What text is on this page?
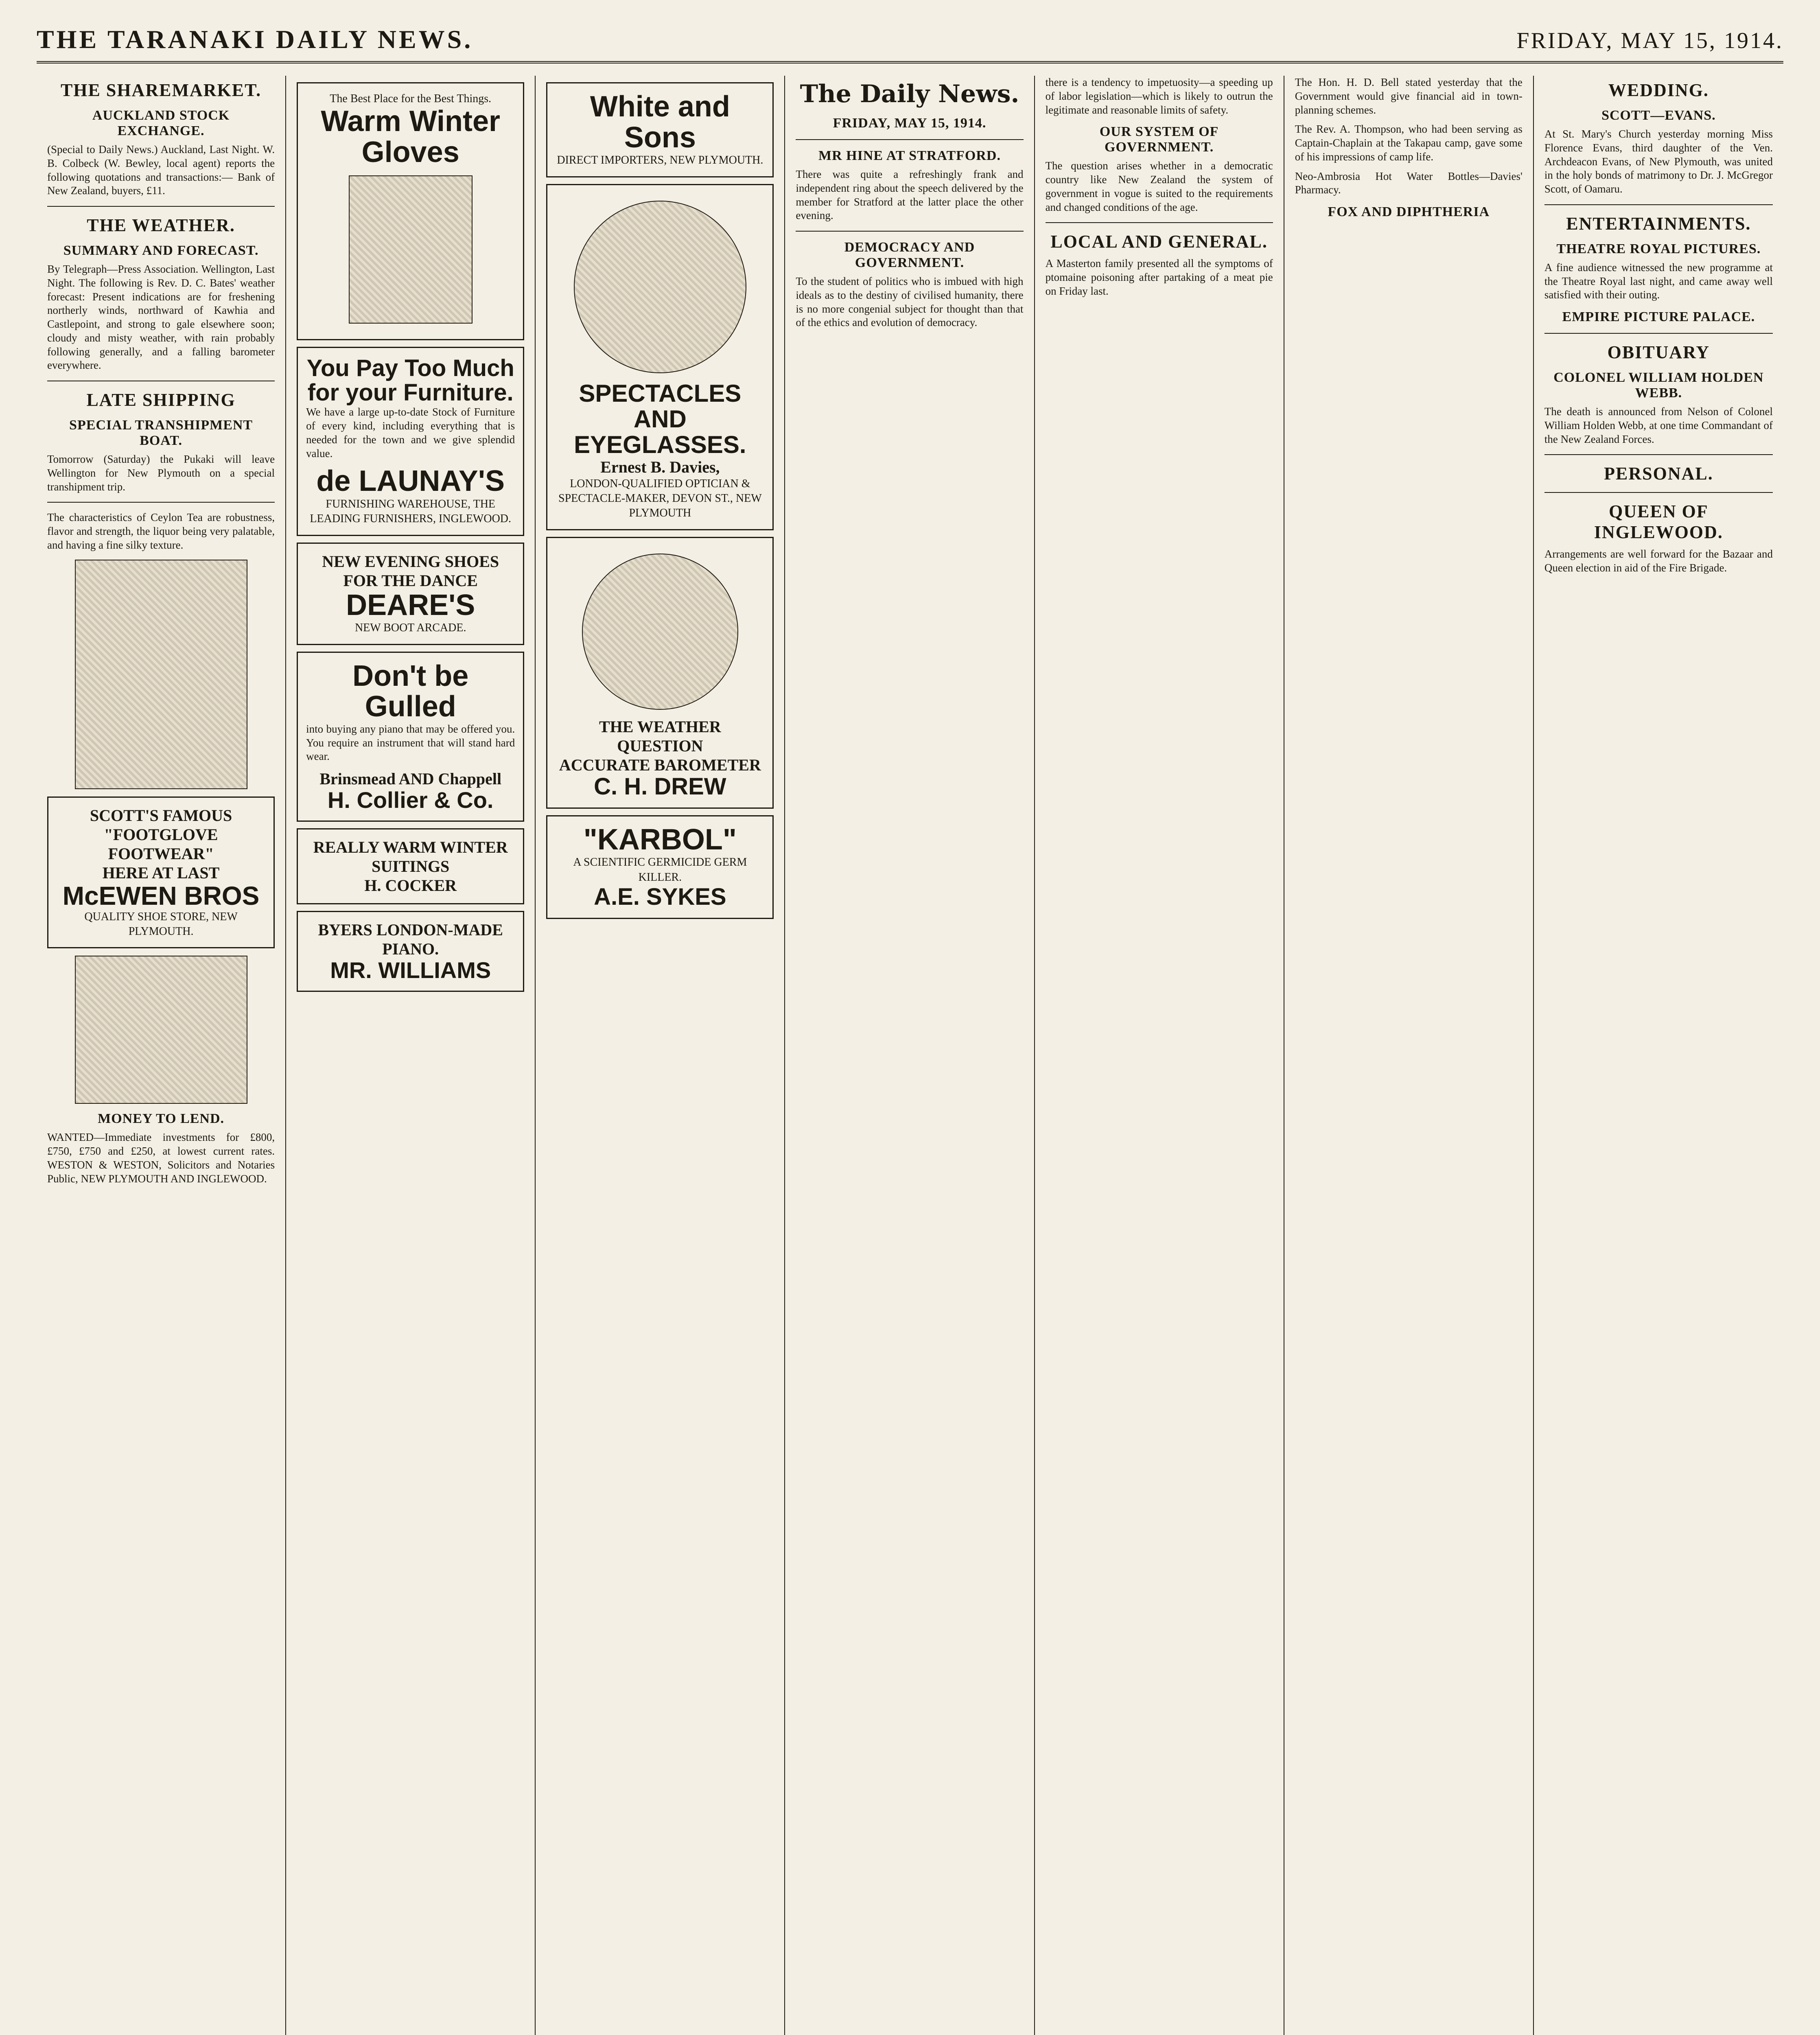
THE TARANAKI DAILY NEWS.	FRIDAY, MAY 15, 1914.
THE SHAREMARKET.
AUCKLAND STOCK EXCHANGE.

(Special to Daily News.) Auckland, Last Night. W. B. Colbeck (W. Bewley, local agent) reports the following quotations and transactions:— Bank of New Zealand, buyers, £11.

THE WEATHER.
SUMMARY AND FORECAST.

By Telegraph—Press Association. Wellington, Last Night. The following is Rev. D. C. Bates' weather forecast: Present indications are for freshening northerly winds, northward of Kawhia and Castlepoint, and strong to gale elsewhere soon; cloudy and misty weather, with rain probably following generally, and a falling barometer everywhere.

LATE SHIPPING
SPECIAL TRANSHIPMENT BOAT.

Tomorrow (Saturday) the Pukaki will leave Wellington for New Plymouth on a special transhipment trip.

The characteristics of Ceylon Tea are robustness, flavor and strength, the liquor being very palatable, and having a fine silky texture.

SCOTT'S FAMOUS
"FOOTGLOVE FOOTWEAR"
HERE AT LAST
McEWEN BROS
QUALITY SHOE STORE, NEW PLYMOUTH.
MONEY TO LEND.

WANTED—Immediate investments for £800, £750, £750 and £250, at lowest current rates. WESTON & WESTON, Solicitors and Notaries Public, NEW PLYMOUTH AND INGLEWOOD.

The Best Place for the Best Things.
Warm Winter Gloves
You Pay Too Much for your Furniture.

We have a large up-to-date Stock of Furniture of every kind, including everything that is needed for the town and we give splendid value.

de LAUNAY'S
FURNISHING WAREHOUSE, THE LEADING FURNISHERS, INGLEWOOD.
NEW EVENING SHOES FOR THE DANCE
DEARE'S
NEW BOOT ARCADE.
Don't be Gulled

into buying any piano that may be offered you. You require an instrument that will stand hard wear.

Brinsmead AND Chappell
H. Collier & Co.
REALLY WARM WINTER SUITINGS
H. COCKER
BYERS LONDON-MADE PIANO.
MR. WILLIAMS
White and Sons
DIRECT IMPORTERS, NEW PLYMOUTH.
SPECTACLES AND EYEGLASSES.
Ernest B. Davies,
LONDON-QUALIFIED OPTICIAN & SPECTACLE-MAKER, DEVON ST., NEW PLYMOUTH
THE WEATHER QUESTION
ACCURATE BAROMETER
C. H. DREW
"KARBOL"
A SCIENTIFIC GERMICIDE GERM KILLER.
A.E. SYKES
The Daily News.
FRIDAY, MAY 15, 1914.
MR HINE AT STRATFORD.

There was quite a refreshingly frank and independent ring about the speech delivered by the member for Stratford at the latter place the other evening.

DEMOCRACY AND GOVERNMENT.

To the student of politics who is imbued with high ideals as to the destiny of civilised humanity, there is no more congenial subject for thought than that of the ethics and evolution of democracy.

there is a tendency to impetuosity—a speeding up of labor legislation—which is likely to outrun the legitimate and reasonable limits of safety.

OUR SYSTEM OF GOVERNMENT.

The question arises whether in a democratic country like New Zealand the system of government in vogue is suited to the requirements and changed conditions of the age.

LOCAL AND GENERAL.

A Masterton family presented all the symptoms of ptomaine poisoning after partaking of a meat pie on Friday last.

The Hon. H. D. Bell stated yesterday that the Government would give financial aid in town-planning schemes.

The Rev. A. Thompson, who had been serving as Captain-Chaplain at the Takapau camp, gave some of his impressions of camp life.

Neo-Ambrosia Hot Water Bottles—Davies' Pharmacy.

FOX AND DIPHTHERIA
WEDDING.
SCOTT—EVANS.

At St. Mary's Church yesterday morning Miss Florence Evans, third daughter of the Ven. Archdeacon Evans, of New Plymouth, was united in the holy bonds of matrimony to Dr. J. McGregor Scott, of Oamaru.

ENTERTAINMENTS.
THEATRE ROYAL PICTURES.

A fine audience witnessed the new programme at the Theatre Royal last night, and came away well satisfied with their outing.

EMPIRE PICTURE PALACE.
OBITUARY
COLONEL WILLIAM HOLDEN WEBB.

The death is announced from Nelson of Colonel William Holden Webb, at one time Commandant of the New Zealand Forces.

PERSONAL.
QUEEN OF INGLEWOOD.

Arrangements are well forward for the Bazaar and Queen election in aid of the Fire Brigade.
